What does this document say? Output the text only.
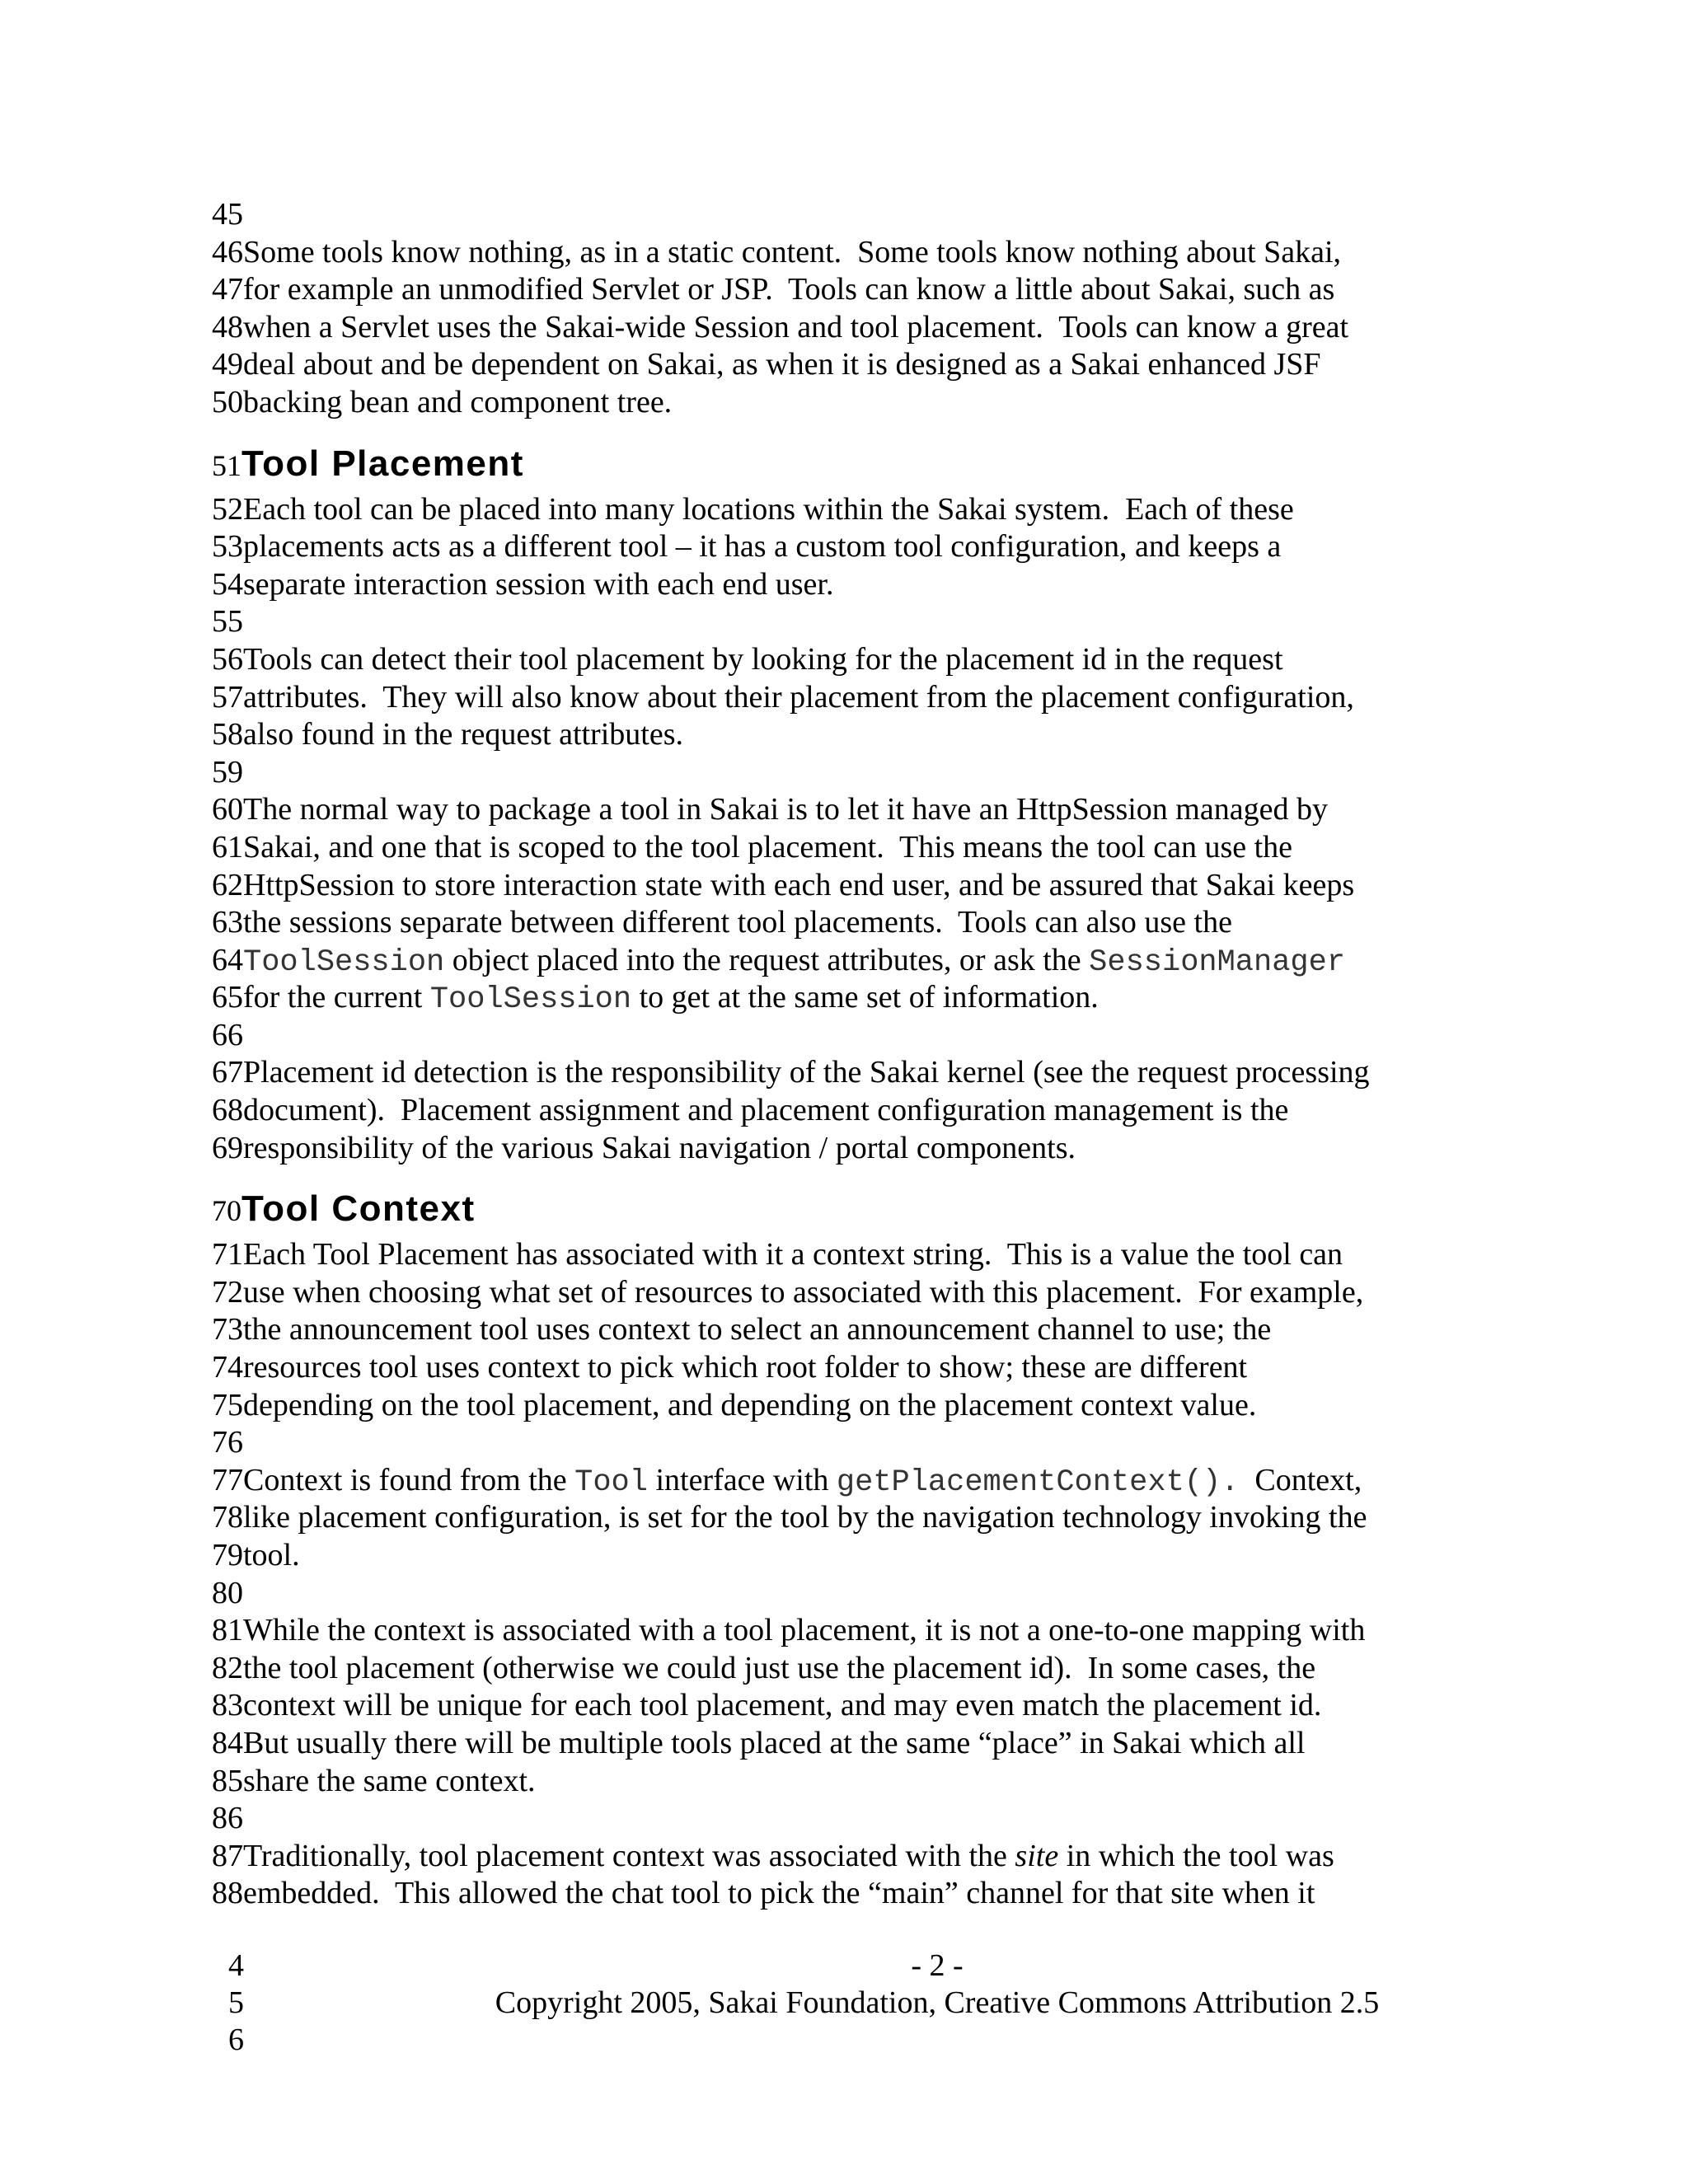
45
46Some tools know nothing, as in a static content.  Some tools know nothing about Sakai,
47for example an unmodified Servlet or JSP.  Tools can know a little about Sakai, such as
48when a Servlet uses the Sakai-wide Session and tool placement.  Tools can know a great
49deal about and be dependent on Sakai, as when it is designed as a Sakai enhanced JSF
50backing bean and component tree.
51Tool Placement
52Each tool can be placed into many locations within the Sakai system.  Each of these
53placements acts as a different tool – it has a custom tool configuration, and keeps a
54separate interaction session with each end user.
55
56Tools can detect their tool placement by looking for the placement id in the request
57attributes.  They will also know about their placement from the placement configuration,
58also found in the request attributes.
59
60The normal way to package a tool in Sakai is to let it have an HttpSession managed by
61Sakai, and one that is scoped to the tool placement.  This means the tool can use the
62HttpSession to store interaction state with each end user, and be assured that Sakai keeps
63the sessions separate between different tool placements.  Tools can also use the
64ToolSession object placed into the request attributes, or ask the SessionManager
65for the current ToolSession to get at the same set of information.
66
67Placement id detection is the responsibility of the Sakai kernel (see the request processing
68document).  Placement assignment and placement configuration management is the
69responsibility of the various Sakai navigation / portal components.
70Tool Context
71Each Tool Placement has associated with it a context string.  This is a value the tool can
72use when choosing what set of resources to associated with this placement.  For example,
73the announcement tool uses context to select an announcement channel to use; the
74resources tool uses context to pick which root folder to show; these are different
75depending on the tool placement, and depending on the placement context value.
76
77Context is found from the Tool interface with getPlacementContext().  Context,
78like placement configuration, is set for the tool by the navigation technology invoking the
79tool.
80
81While the context is associated with a tool placement, it is not a one-to-one mapping with
82the tool placement (otherwise we could just use the placement id).  In some cases, the
83context will be unique for each tool placement, and may even match the placement id.
84But usually there will be multiple tools placed at the same “place” in Sakai which all
85share the same context.
86
87Traditionally, tool placement context was associated with the site in which the tool was
88embedded.  This allowed the chat tool to pick the “main” channel for that site when it
4	- 2 -
5	Copyright 2005, Sakai Foundation, Creative Commons Attribution 2.5
6
